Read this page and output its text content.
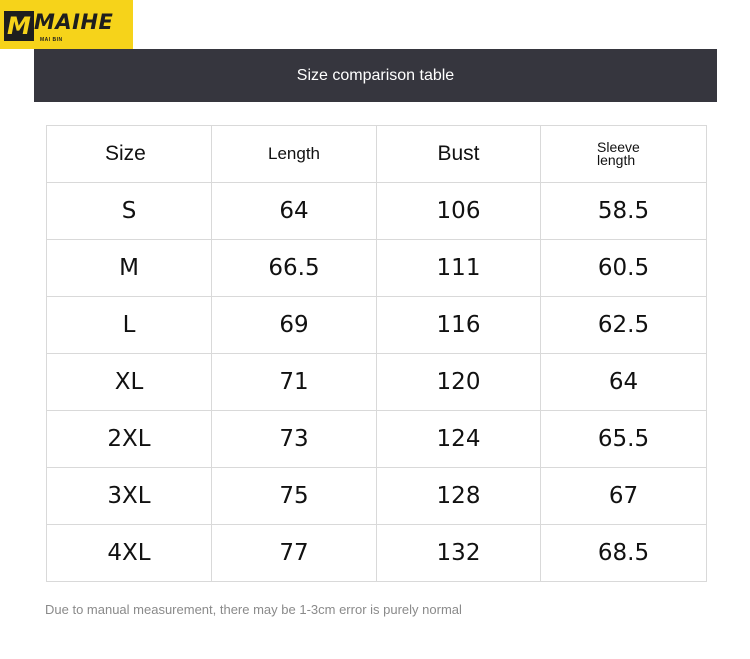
M MAIHE
MAI BIN
Size comparison table
Size	Length	Bust	Sleeve
length

S	64	106	58.5
M	66.5	111	60.5
L	69	116	62.5
XL	71	120	64
2XL	73	124	65.5
3XL	75	128	67
4XL	77	132	68.5
Due to manual measurement, there may be 1-3cm error is purely normal
